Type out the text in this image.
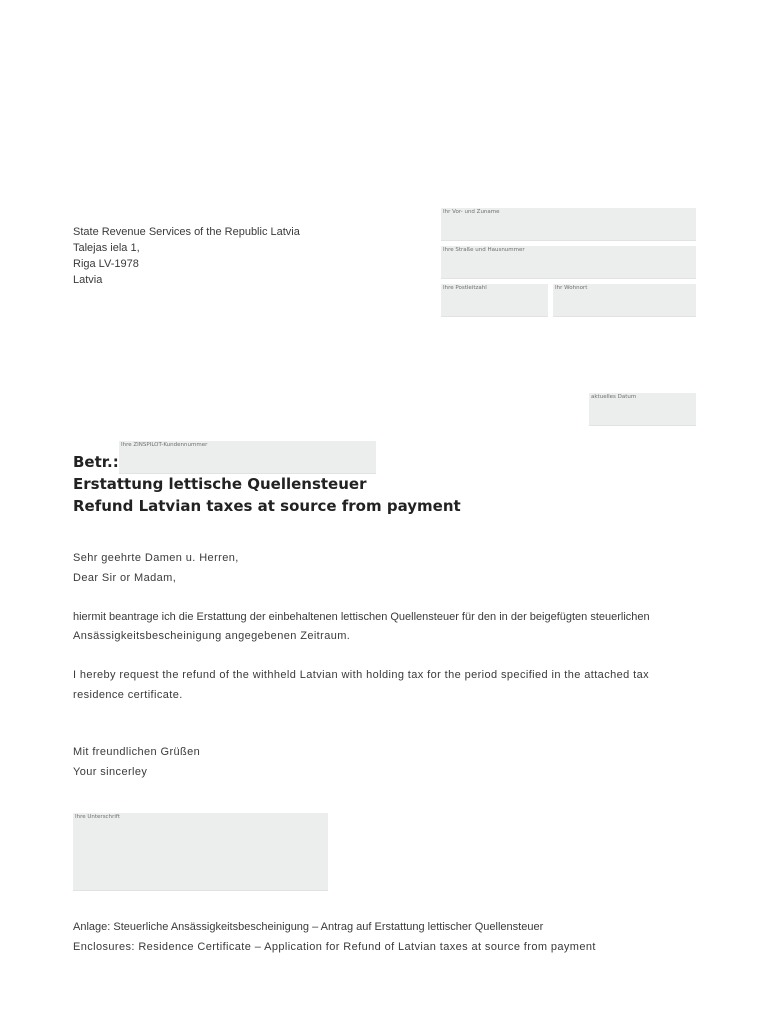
Ihr Vor- und Zuname
Ihre Straße und Hausnummer
Ihre Postleitzahl	Ihr Wohnort
State Revenue Services of the Republic Latvia
Talejas iela 1,
Riga LV-1978
Latvia
aktuelles Datum
Ihre ZINSPILOT-Kundennummer
Betr.:
Erstattung lettische Quellensteuer
Refund Latvian taxes at source from payment
Sehr geehrte Damen u. Herren,
Dear Sir or Madam,
hiermit beantrage ich die Erstattung der einbehaltenen lettischen Quellensteuer für den in der beigefügten steuerlichen
Ansässigkeitsbescheinigung angegebenen Zeitraum.
I hereby request the refund of the withheld Latvian with holding tax for the period specified in the attached tax
residence certificate.
Mit freundlichen Grüßen
Your sincerley
Ihre Unterschrift
Anlage: Steuerliche Ansässigkeitsbescheinigung – Antrag auf Erstattung lettischer Quellensteuer
Enclosures: Residence Certificate – Application for Refund of Latvian taxes at source from payment
